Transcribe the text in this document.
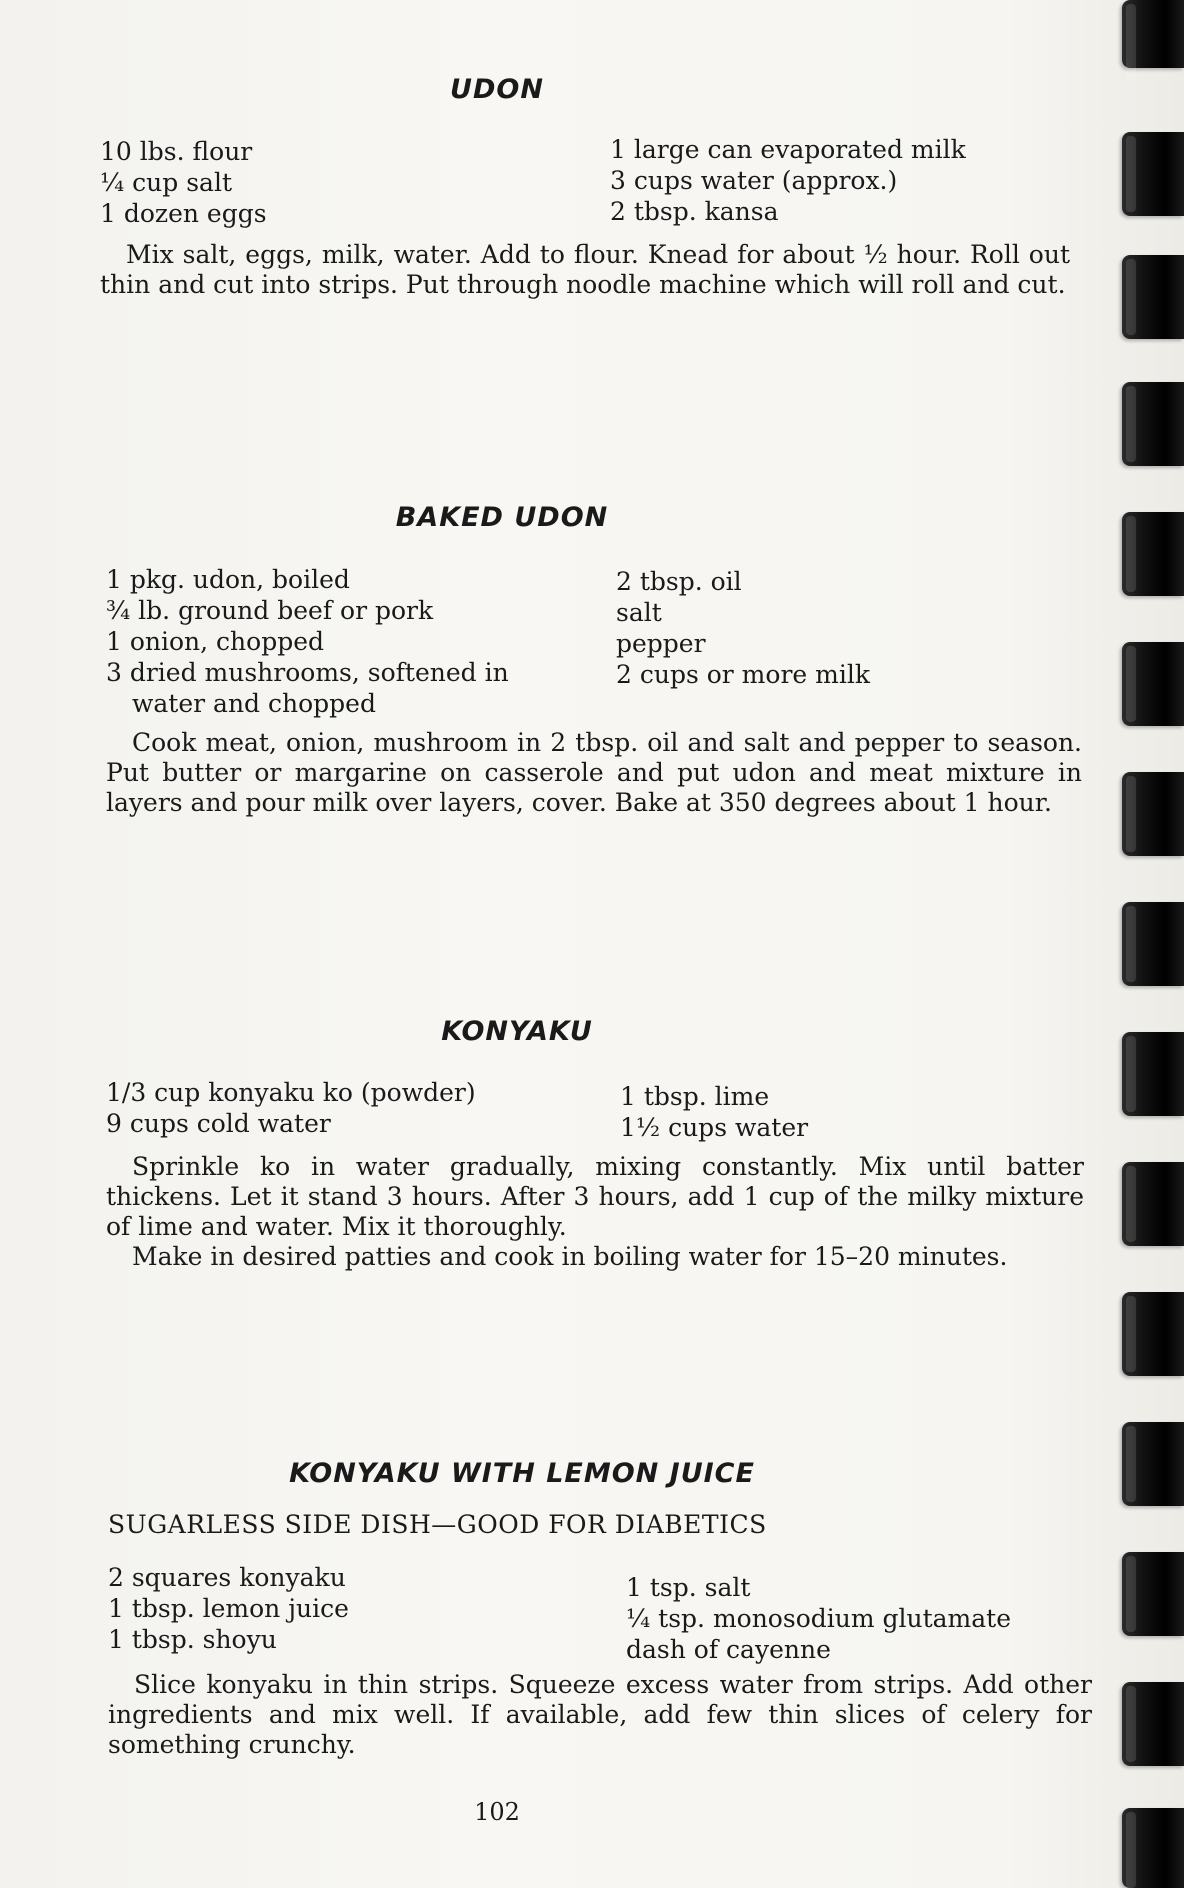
UDON
10 lbs. flour
¼ cup salt
1 dozen eggs
1 large can evaporated milk
3 cups water (approx.)
2 tbsp. kansa

Mix salt, eggs, milk, water. Add to flour. Knead for about ½ hour. Roll out thin and cut into strips. Put through noodle machine which will roll and cut.

BAKED UDON
1 pkg. udon, boiled
¾ lb. ground beef or pork
1 onion, chopped
3 dried mushrooms, softened in
water and chopped
2 tbsp. oil
salt
pepper
2 cups or more milk

Cook meat, onion, mushroom in 2 tbsp. oil and salt and pepper to season. Put butter or margarine on casserole and put udon and meat mixture in layers and pour milk over layers, cover. Bake at 350 degrees about 1 hour.

KONYAKU
1/3 cup konyaku ko (powder)
9 cups cold water
1 tbsp. lime
1½ cups water

Sprinkle ko in water gradually, mixing constantly. Mix until batter thickens. Let it stand 3 hours. After 3 hours, add 1 cup of the milky mixture of lime and water. Mix it thoroughly.

Make in desired patties and cook in boiling water for 15–20 minutes.

KONYAKU WITH LEMON JUICE
SUGARLESS SIDE DISH—GOOD FOR DIABETICS
2 squares konyaku
1 tbsp. lemon juice
1 tbsp. shoyu
1 tsp. salt
¼ tsp. monosodium glutamate
dash of cayenne

Slice konyaku in thin strips. Squeeze excess water from strips. Add other ingredients and mix well. If available, add few thin slices of celery for something crunchy.

102
